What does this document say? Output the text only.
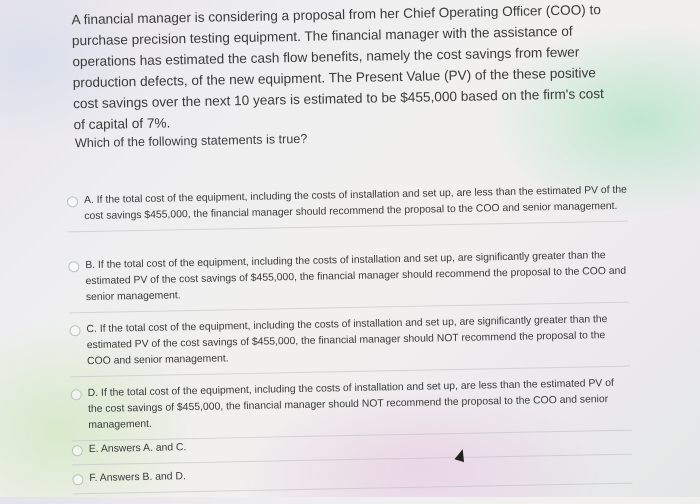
A financial manager is considering a proposal from her Chief Operating Officer (COO) to purchase precision testing equipment. The financial manager with the assistance of operations has estimated the cash flow benefits, namely the cost savings from fewer production defects, of the new equipment. The Present Value (PV) of the these positive cost savings over the next 10 years is estimated to be $455,000 based on the firm's cost of capital of 7%.

Which of the following statements is true?

A. If the total cost of the equipment, including the costs of installation and set up, are less than the estimated PV of the cost savings $455,000, the financial manager should recommend the proposal to the COO and senior management.
B. If the total cost of the equipment, including the costs of installation and set up, are significantly greater than the estimated PV of the cost savings of $455,000, the financial manager should recommend the proposal to the COO and senior management.
C. If the total cost of the equipment, including the costs of installation and set up, are significantly greater than the estimated PV of the cost savings of $455,000, the financial manager should NOT recommend the proposal to the COO and senior management.
D. If the total cost of the equipment, including the costs of installation and set up, are less than the estimated PV of the cost savings of $455,000, the financial manager should NOT recommend the proposal to the COO and senior management.
E. Answers A. and C.
F. Answers B. and D.
